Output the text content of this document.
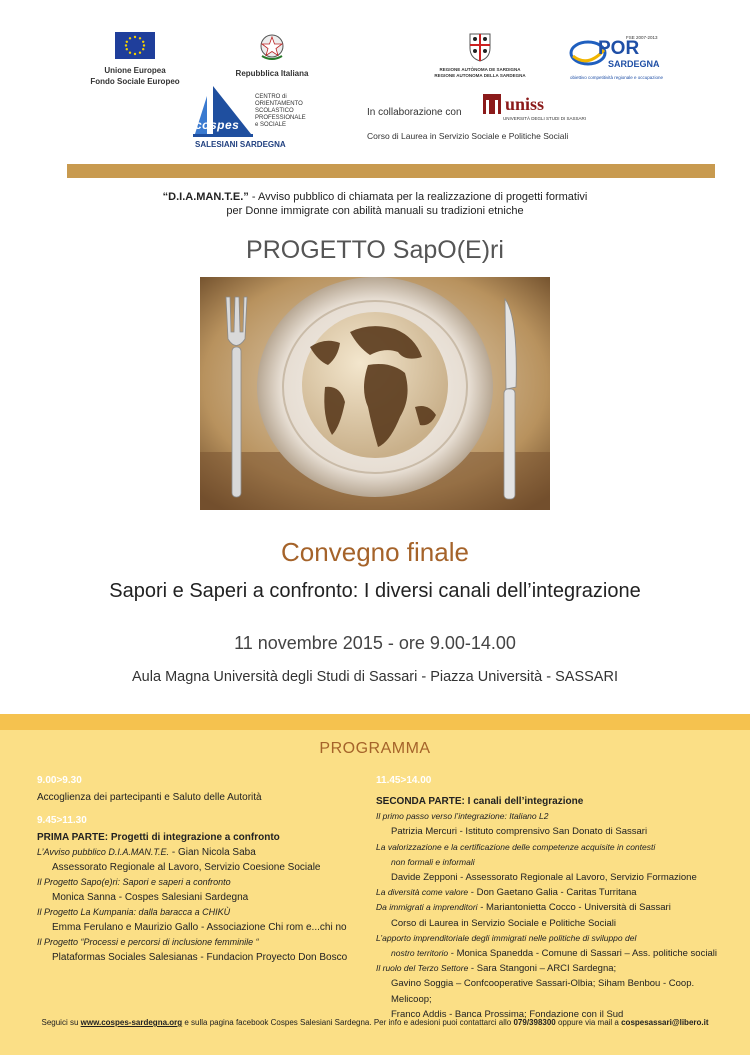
Unione Europea
Fondo Sociale Europeo
Repubblica Italiana	REGIONE AUTÒNOMA DE SARDIGNA
REGIONE AUTONOMA DELLA SARDEGNA
FSE 2007-2013
POR
SARDEGNA
obiettivo competitività regionale e occupazione
cospes
CENTRO di
ORIENTAMENTO
SCOLASTICO
PROFESSIONALE
e SOCIALE
SALESIANI SARDEGNA
In collaborazione con uniss
UNIVERSITÀ DEGLI STUDI DI SASSARI
Corso di Laurea in Servizio Sociale e Politiche Sociali
“D.I.A.MAN.T.E.” - Avviso pubblico di chiamata per la realizzazione di progetti formativi
per Donne immigrate con abilità manuali su tradizioni etniche
PROGETTO SapO(E)ri
Convegno finale
Sapori e Saperi a confronto: I diversi canali dell’integrazione
11 novembre 2015 - ore 9.00-14.00
Aula Magna Università degli Studi di Sassari - Piazza Università - SASSARI
PROGRAMMA
9.00>9.30
Accoglienza dei partecipanti e Saluto delle Autorità
9.45>11.30
PRIMA PARTE: Progetti di integrazione a confronto
L’Avviso pubblico D.I.A.MAN.T.E. - Gian Nicola Saba
Assessorato Regionale al Lavoro, Servizio Coesione Sociale
Il Progetto Sapo(e)ri: Sapori e saperi a confronto
Monica Sanna - Cospes Salesiani Sardegna
Il Progetto La Kumpania: dalla baracca a CHIKÙ
Emma Ferulano e Maurizio Gallo - Associazione Chi rom e...chi no
Il Progetto “Processi e percorsi di inclusione femminile “
Plataformas Sociales Salesianas - Fundacion Proyecto Don Bosco
11.45>14.00
SECONDA PARTE: I canali dell’integrazione
Il primo passo verso l’integrazione: Italiano L2
Patrizia Mercuri - Istituto comprensivo San Donato di Sassari
La valorizzazione e la certificazione delle competenze acquisite in contesti
non formali e informali
Davide Zepponi - Assessorato Regionale al Lavoro, Servizio Formazione
La diversità come valore - Don Gaetano Galia - Caritas Turritana
Da immigrati a imprenditori - Mariantonietta Cocco - Università di Sassari
Corso di Laurea in Servizio Sociale e Politiche Sociali
L’apporto imprenditoriale degli immigrati nelle politiche di sviluppo del
nostro territorio - Monica Spanedda - Comune di Sassari – Ass. politiche sociali
Il ruolo del Terzo Settore - Sara Stangoni – ARCI Sardegna;
Gavino Soggia – Confcooperative Sassari-Olbia; Siham Benbou - Coop. Melicoop;
Franco Addis - Banca Prossima; Fondazione con il Sud
Seguici su www.cospes-sardegna.org e sulla pagina facebook Cospes Salesiani Sardegna. Per info e adesioni puoi contattarci allo 079/398300 oppure via mail a cospesassari@libero.it
